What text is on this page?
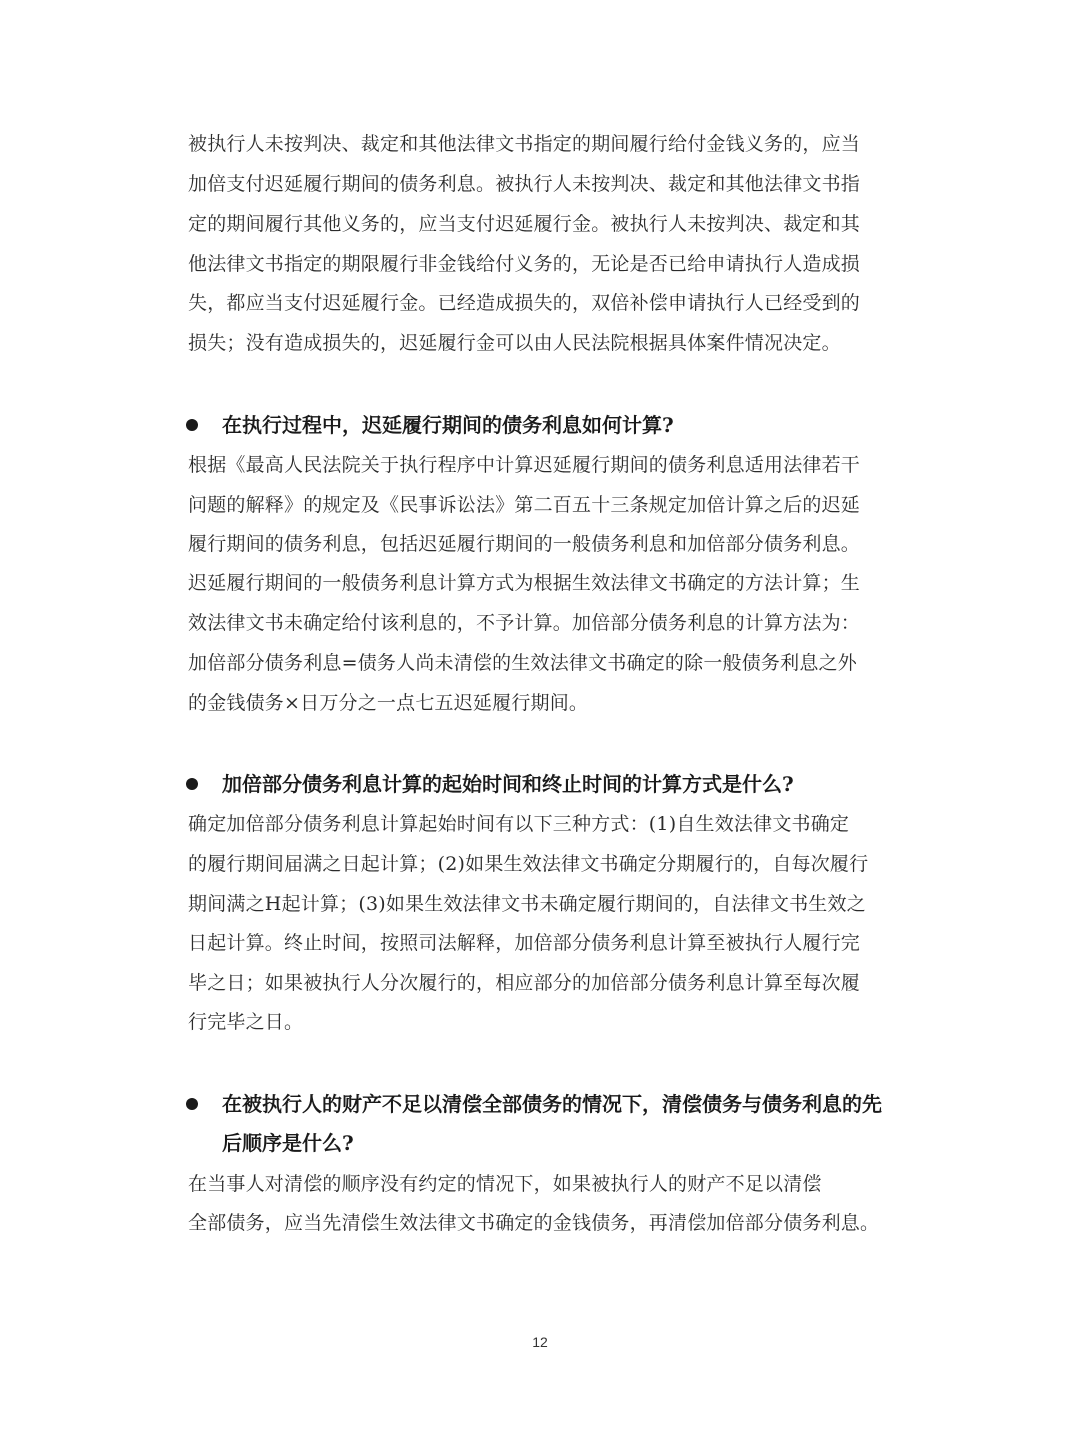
被执行人未按判决、裁定和其他法律文书指定的期间履行给付金钱义务的，应当
加倍支付迟延履行期间的债务利息。被执行人未按判决、裁定和其他法律文书指
定的期间履行其他义务的，应当支付迟延履行金。被执行人未按判决、裁定和其
他法律文书指定的期限履行非金钱给付义务的，无论是否已给申请执行人造成损
失，都应当支付迟延履行金。已经造成损失的，双倍补偿申请执行人已经受到的
损失；没有造成损失的，迟延履行金可以由人民法院根据具体案件情况决定。
在执行过程中，迟延履行期间的债务利息如何计算?
根据《最高人民法院关于执行程序中计算迟延履行期间的债务利息适用法律若干
问题的解释》的规定及《民事诉讼法》第二百五十三条规定加倍计算之后的迟延
履行期间的债务利息，包括迟延履行期间的一般债务利息和加倍部分债务利息。
迟延履行期间的一般债务利息计算方式为根据生效法律文书确定的方法计算；生
效法律文书未确定给付该利息的，不予计算。加倍部分债务利息的计算方法为：
加倍部分债务利息=债务人尚未清偿的生效法律文书确定的除一般债务利息之外
的金钱债务×日万分之一点七五迟延履行期间。
加倍部分债务利息计算的起始时间和终止时间的计算方式是什么?
确定加倍部分债务利息计算起始时间有以下三种方式：(1)自生效法律文书确定
的履行期间届满之日起计算；(2)如果生效法律文书确定分期履行的，自每次履行
期间满之H起计算；(3)如果生效法律文书未确定履行期间的，自法律文书生效之
日起计算。终止时间，按照司法解释，加倍部分债务利息计算至被执行人履行完
毕之日；如果被执行人分次履行的，相应部分的加倍部分债务利息计算至每次履
行完毕之日。
在被执行人的财产不足以清偿全部债务的情况下，清偿债务与债务利息的先
后顺序是什么?
在当事人对清偿的顺序没有约定的情况下，如果被执行人的财产不足以清偿
全部债务，应当先清偿生效法律文书确定的金钱债务，再清偿加倍部分债务利息。
12
